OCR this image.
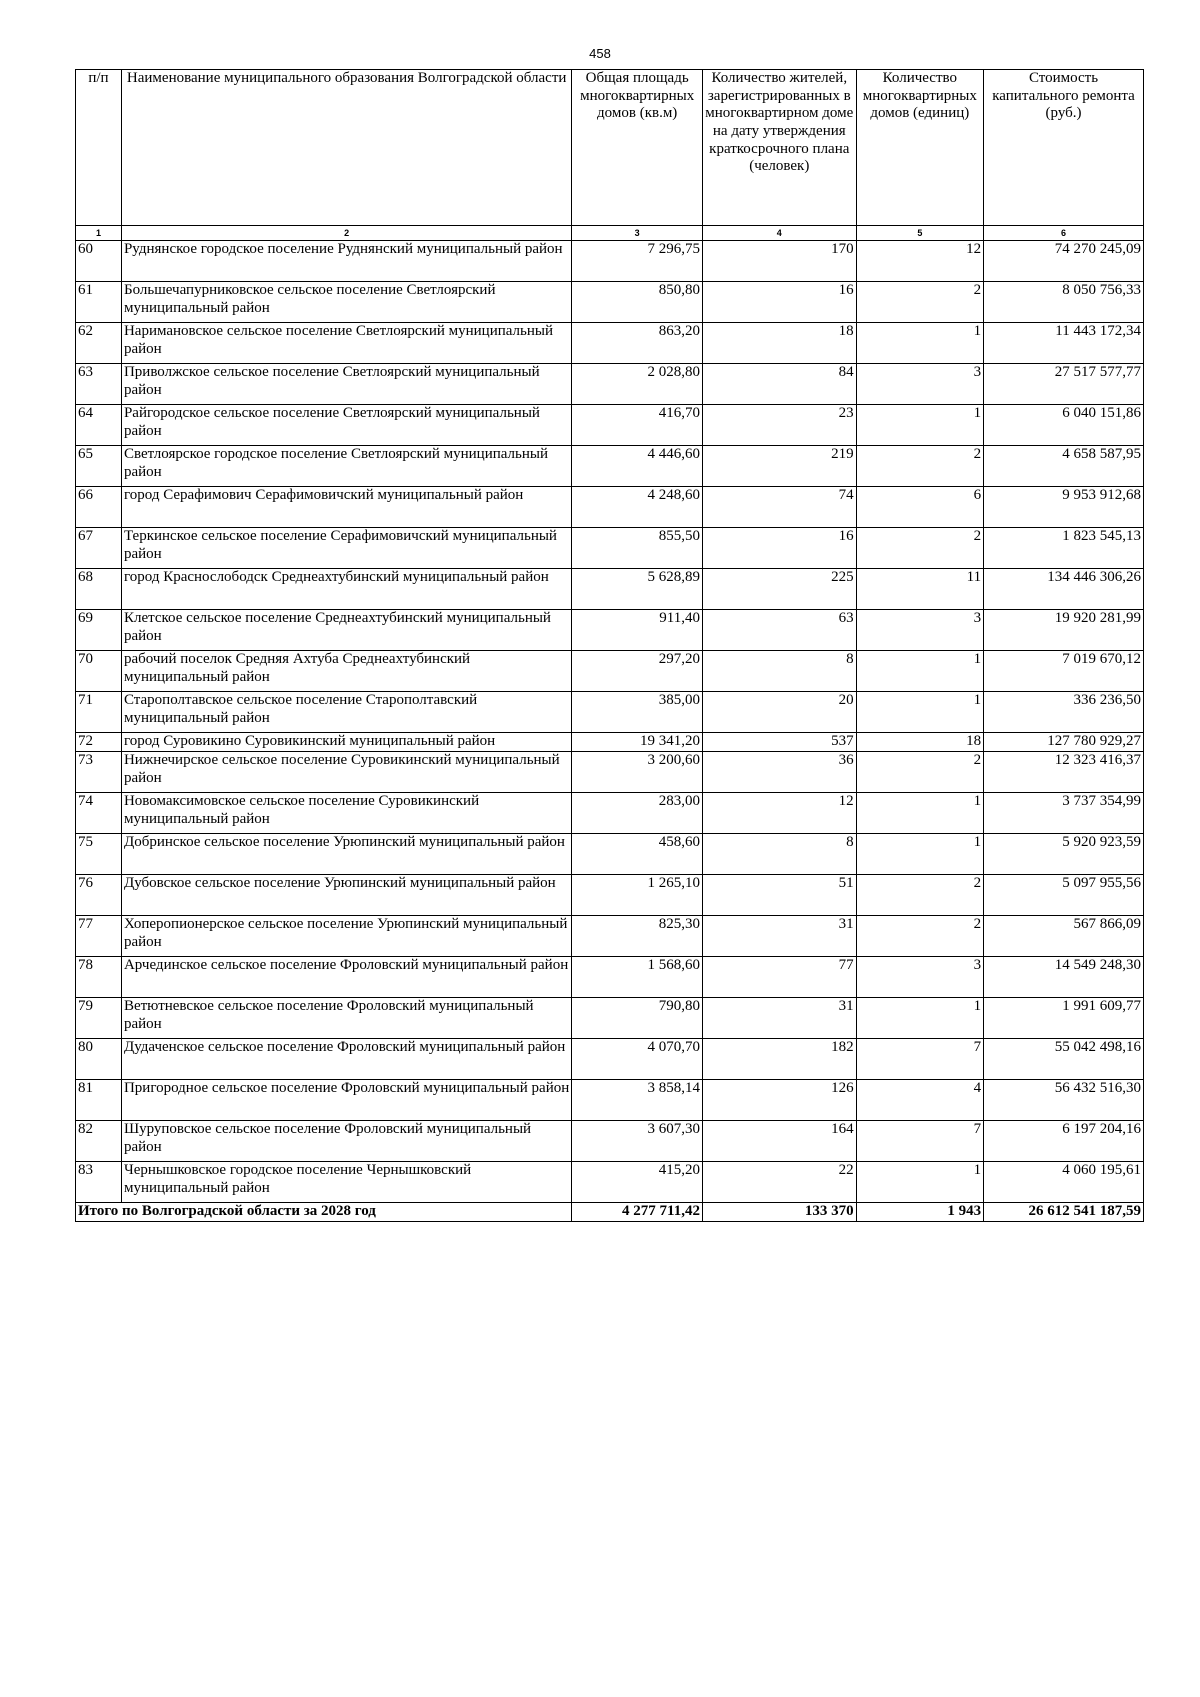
458
п/п	Наименование муниципального образования Волгоградской области	Общая площадь многоквартирных домов (кв.м)	Количество жителей, зарегистрированных в многоквартирном доме на дату утверждения краткосрочного плана (человек)	Количество многоквартирных домов (единиц)	Стоимость капитального ремонта (руб.)
1	2	3	4	5	6
60	Руднянское городское поселение Руднянский муниципальный район	7 296,75	170	12	74 270 245,09
61	Большечапурниковское сельское поселение Светлоярский муниципальный район	850,80	16	2	8 050 756,33
62	Наримановское сельское поселение Светлоярский муниципальный район	863,20	18	1	11 443 172,34
63	Приволжское сельское поселение Светлоярский муниципальный район	2 028,80	84	3	27 517 577,77
64	Райгородское сельское поселение Светлоярский муниципальный район	416,70	23	1	6 040 151,86
65	Светлоярское городское поселение Светлоярский муниципальный район	4 446,60	219	2	4 658 587,95
66	город Серафимович Серафимовичский муниципальный район	4 248,60	74	6	9 953 912,68
67	Теркинское сельское поселение Серафимовичский муниципальный район	855,50	16	2	1 823 545,13
68	город Краснослободск Среднеахтубинский муниципальный район	5 628,89	225	11	134 446 306,26
69	Клетское сельское поселение Среднеахтубинский муниципальный район	911,40	63	3	19 920 281,99
70	рабочий поселок Средняя Ахтуба Среднеахтубинский муниципальный район	297,20	8	1	7 019 670,12
71	Старополтавское сельское поселение Старополтавский муниципальный район	385,00	20	1	336 236,50
72	город Суровикино Суровикинский муниципальный район	19 341,20	537	18	127 780 929,27
73	Нижнечирское сельское поселение Суровикинский муниципальный район	3 200,60	36	2	12 323 416,37
74	Новомаксимовское сельское поселение Суровикинский муниципальный район	283,00	12	1	3 737 354,99
75	Добринское сельское поселение Урюпинский муниципальный район	458,60	8	1	5 920 923,59
76	Дубовское сельское поселение Урюпинский муниципальный район	1 265,10	51	2	5 097 955,56
77	Хоперопионерское сельское поселение Урюпинский муниципальный район	825,30	31	2	567 866,09
78	Арчединское сельское поселение Фроловский муниципальный район	1 568,60	77	3	14 549 248,30
79	Ветютневское сельское поселение Фроловский муниципальный район	790,80	31	1	1 991 609,77
80	Дудаченское сельское поселение Фроловский муниципальный район	4 070,70	182	7	55 042 498,16
81	Пригородное сельское поселение Фроловский муниципальный район	3 858,14	126	4	56 432 516,30
82	Шуруповское сельское поселение Фроловский муниципальный район	3 607,30	164	7	6 197 204,16
83	Чернышковское городское поселение Чернышковский муниципальный район	415,20	22	1	4 060 195,61
Итого по Волгоградской области за 2028 год		4 277 711,42	133 370	1 943	26 612 541 187,59
